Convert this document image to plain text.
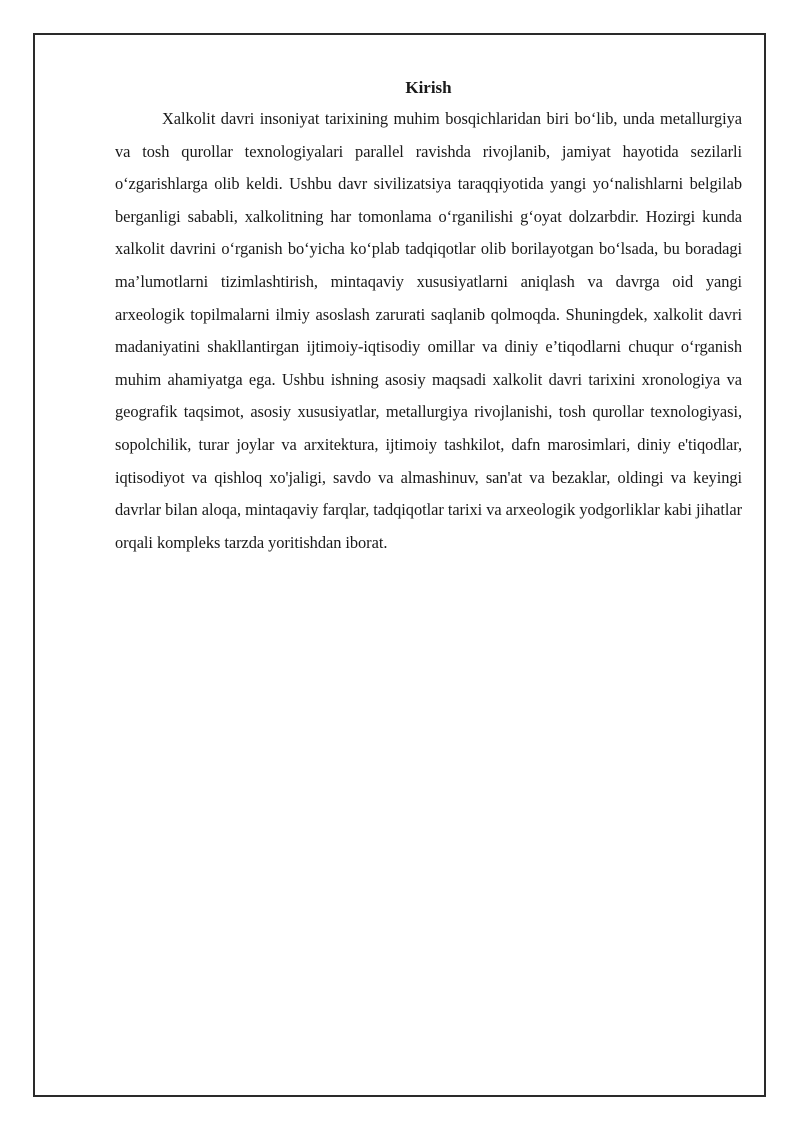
Kirish

Xalkolit davri insoniyat tarixining muhim bosqichlaridan biri bo‘lib, unda metallurgiya va tosh qurollar texnologiyalari parallel ravishda rivojlanib, jamiyat hayotida sezilarli o‘zgarishlarga olib keldi. Ushbu davr sivilizatsiya taraqqiyotida yangi yo‘nalishlarni belgilab berganligi sababli, xalkolitning har tomonlama o‘rganilishi g‘oyat dolzarbdir. Hozirgi kunda xalkolit davrini o‘rganish bo‘yicha ko‘plab tadqiqotlar olib borilayotgan bo‘lsada, bu boradagi ma’lumotlarni tizimlashtirish, mintaqaviy xususiyatlarni aniqlash va davrga oid yangi arxeologik topilmalarni ilmiy asoslash zarurati saqlanib qolmoqda. Shuningdek, xalkolit davri madaniyatini shakllantirgan ijtimoiy-iqtisodiy omillar va diniy e’tiqodlarni chuqur o‘rganish muhim ahamiyatga ega. Ushbu ishning asosiy maqsadi xalkolit davri tarixini xronologiya va geografik taqsimot, asosiy xususiyatlar, metallurgiya rivojlanishi, tosh qurollar texnologiyasi, sopolchilik, turar joylar va arxitektura, ijtimoiy tashkilot, dafn marosimlari, diniy e'tiqodlar, iqtisodiyot va qishloq xo'jaligi, savdo va almashinuv, san'at va bezaklar, oldingi va keyingi davrlar bilan aloqa, mintaqaviy farqlar, tadqiqotlar tarixi va arxeologik yodgorliklar kabi jihatlar orqali kompleks tarzda yoritishdan iborat.
